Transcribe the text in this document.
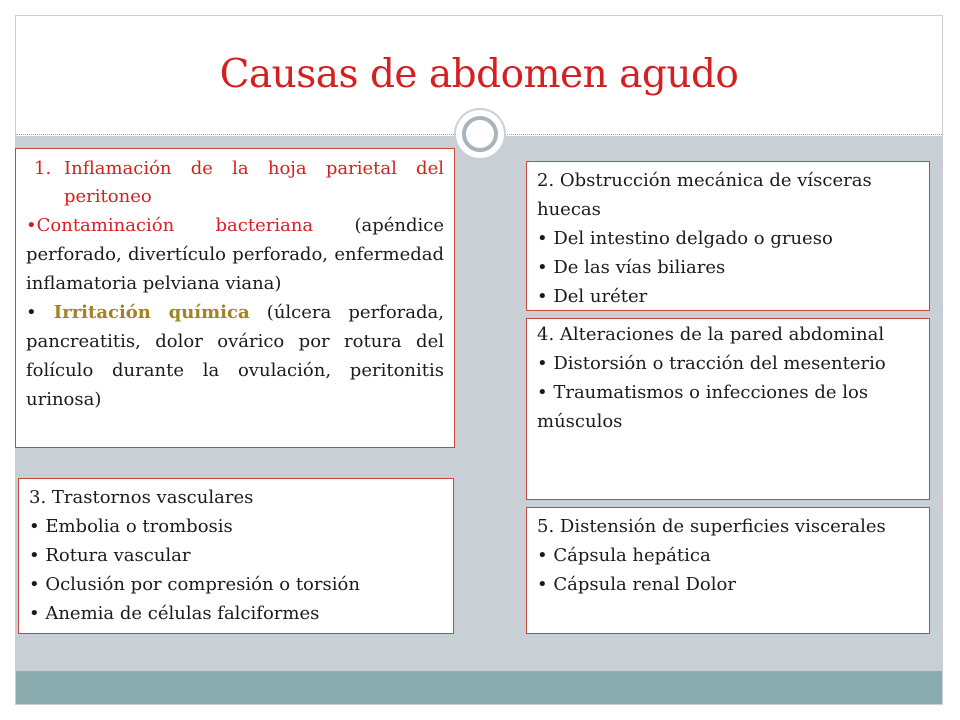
Causas de abdomen agudo
1. Inflamación de la hoja parietal del peritoneo

•Contaminación bacteriana (apéndice perforado, divertículo perforado, enfermedad inflamatoria pelviana viana)

• Irritación química (úlcera perforada, pancreatitis, dolor ovárico por rotura del folículo durante la ovulación, peritonitis urinosa)

2. Obstrucción mecánica de vísceras huecas

• Del intestino delgado o grueso

• De las vías biliares

• Del uréter

4. Alteraciones de la pared abdominal

• Distorsión o tracción del mesenterio

• Traumatismos o infecciones de los músculos

3. Trastornos vasculares

• Embolia o trombosis

• Rotura vascular

• Oclusión por compresión o torsión

• Anemia de células falciformes

5. Distensión de superficies viscerales

• Cápsula hepática

• Cápsula renal Dolor
